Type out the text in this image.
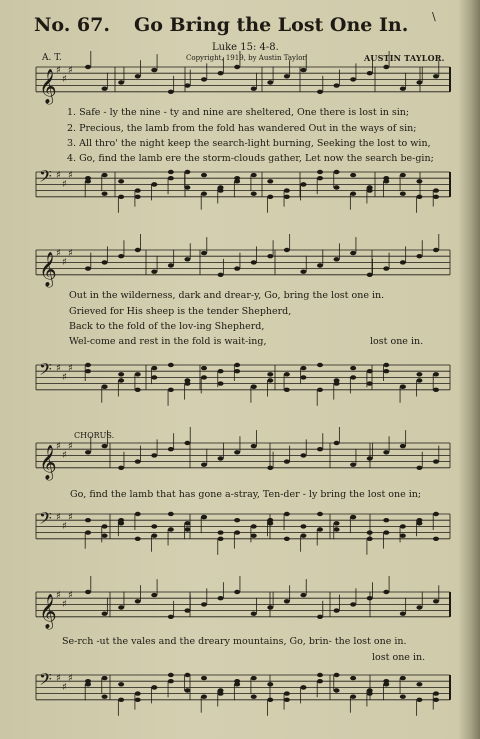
No. 67. Go Bring the Lost One In. \
Luke 15: 4-8.
A. T.	Copyright, 1919, by Austin Taylor.	AUSTIN TAYLOR.
𝄞 ♯
♯
♯
𝄢 ♯
♯
♯
𝄞 ♯
♯
♯
𝄢 ♯
♯
♯
𝄞 ♯
♯
♯
𝄢 ♯
♯
♯
𝄞 ♯
♯
♯
𝄢 ♯
♯
♯
1. Safe - ly the nine - ty and nine are sheltered, One there is lost in sin;
2. Precious, the lamb from the fold has wandered Out in the ways of sin;
3. All thro' the night keep the search-light burning, Seeking the lost to win,
4. Go, find the lamb ere the storm-clouds gather, Let now the search be-gin;
Out in the wilderness, dark and drear-y, Go, bring the lost one in.
Grieved for His sheep is the tender Shepherd,
Back to the fold of the lov-ing Shepherd,
Wel-come and rest in the fold is wait-ing,	lost one in.
CHORUS.
Go, find the lamb that has gone a-stray, Ten-der - ly bring the lost one in;
Se-rch -ut the vales and the dreary mountains, Go, brin- the lost one in.
lost one in.
